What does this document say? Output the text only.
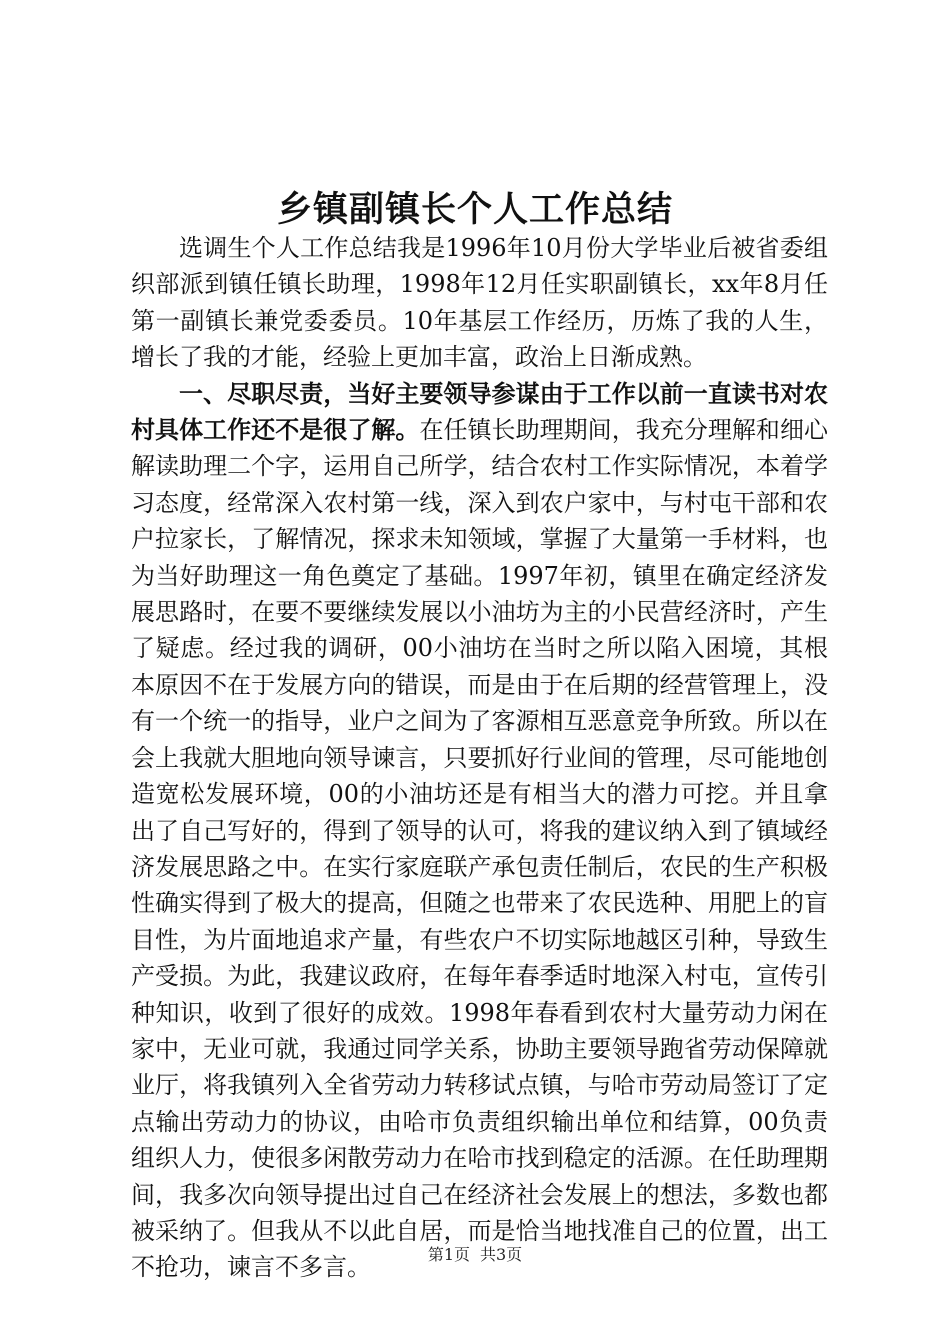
乡镇副镇长个人工作总结

选调生个人工作总结我是1996年10月份大学毕业后被省委组织部派到镇任镇长助理，1998年12月任实职副镇长，xx年8月任第一副镇长兼党委委员。10年基层工作经历，历炼了我的人生，增长了我的才能，经验上更加丰富，政治上日渐成熟。

一、尽职尽责，当好主要领导参谋由于工作以前一直读书对农村具体工作还不是很了解。在任镇长助理期间，我充分理解和细心解读助理二个字，运用自己所学，结合农村工作实际情况，本着学习态度，经常深入农村第一线，深入到农户家中，与村屯干部和农户拉家长，了解情况，探求未知领域，掌握了大量第一手材料，也为当好助理这一角色奠定了基础。1997年初，镇里在确定经济发展思路时，在要不要继续发展以小油坊为主的小民营经济时，产生了疑虑。经过我的调研，00小油坊在当时之所以陷入困境，其根本原因不在于发展方向的错误，而是由于在后期的经营管理上，没有一个统一的指导，业户之间为了客源相互恶意竞争所致。所以在会上我就大胆地向领导谏言，只要抓好行业间的管理，尽可能地创造宽松发展环境，00的小油坊还是有相当大的潜力可挖。并且拿出了自己写好的，得到了领导的认可，将我的建议纳入到了镇域经济发展思路之中。在实行家庭联产承包责任制后，农民的生产积极性确实得到了极大的提高，但随之也带来了农民选种、用肥上的盲目性，为片面地追求产量，有些农户不切实际地越区引种，导致生产受损。为此，我建议政府，在每年春季适时地深入村屯，宣传引种知识，收到了很好的成效。1998年春看到农村大量劳动力闲在家中，无业可就，我通过同学关系，协助主要领导跑省劳动保障就业厅，将我镇列入全省劳动力转移试点镇，与哈市劳动局签订了定点输出劳动力的协议，由哈市负责组织输出单位和结算，00负责组织人力，使很多闲散劳动力在哈市找到稳定的活源。在任助理期间，我多次向领导提出过自己在经济社会发展上的想法，多数也都被采纳了。但我从不以此自居，而是恰当地找准自己的位置，出工不抢功，谏言不多言。	第1页 共3页
